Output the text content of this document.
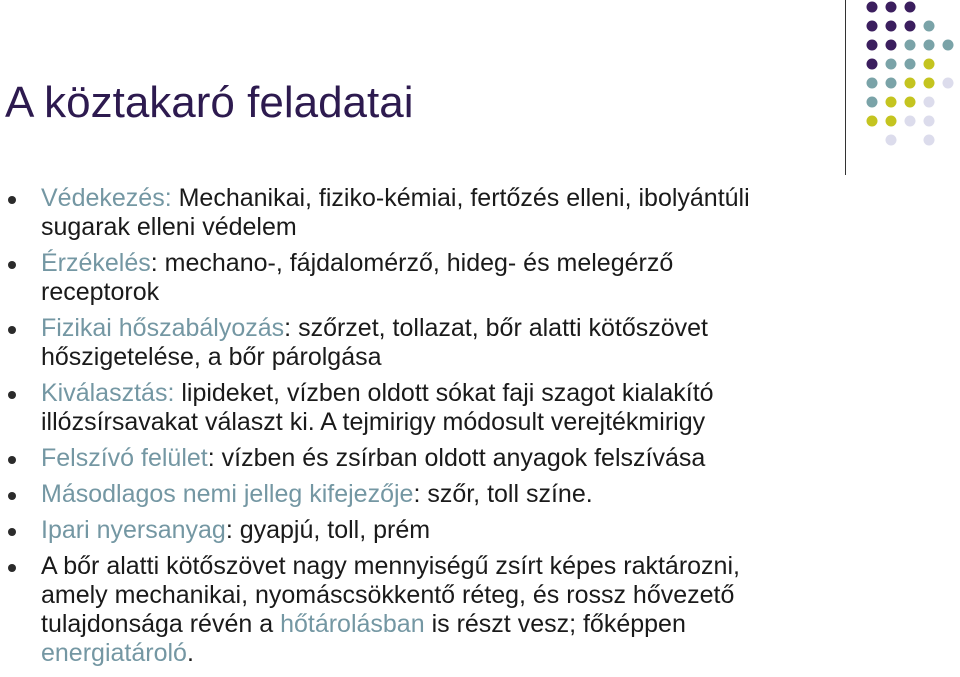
A köztakaró feladatai
Védekezés: Mechanikai, fiziko-kémiai, fertőzés elleni, ibolyántúli
sugarak elleni védelem
Érzékelés: mechano-, fájdalomérző, hideg- és melegérző
receptorok
Fizikai hőszabályozás: szőrzet, tollazat, bőr alatti kötőszövet
hőszigetelése, a bőr párolgása
Kiválasztás: lipideket, vízben oldott sókat faji szagot kialakító
illózsírsavakat választ ki. A tejmirigy módosult verejtékmirigy
Felszívó felület: vízben és zsírban oldott anyagok felszívása
Másodlagos nemi jelleg kifejezője: szőr, toll színe.
Ipari nyersanyag: gyapjú, toll, prém
A bőr alatti kötőszövet nagy mennyiségű zsírt képes raktározni,
amely mechanikai, nyomáscsökkentő réteg, és rossz hővezető
tulajdonsága révén a hőtárolásban is részt vesz; főképpen
energiatároló.
